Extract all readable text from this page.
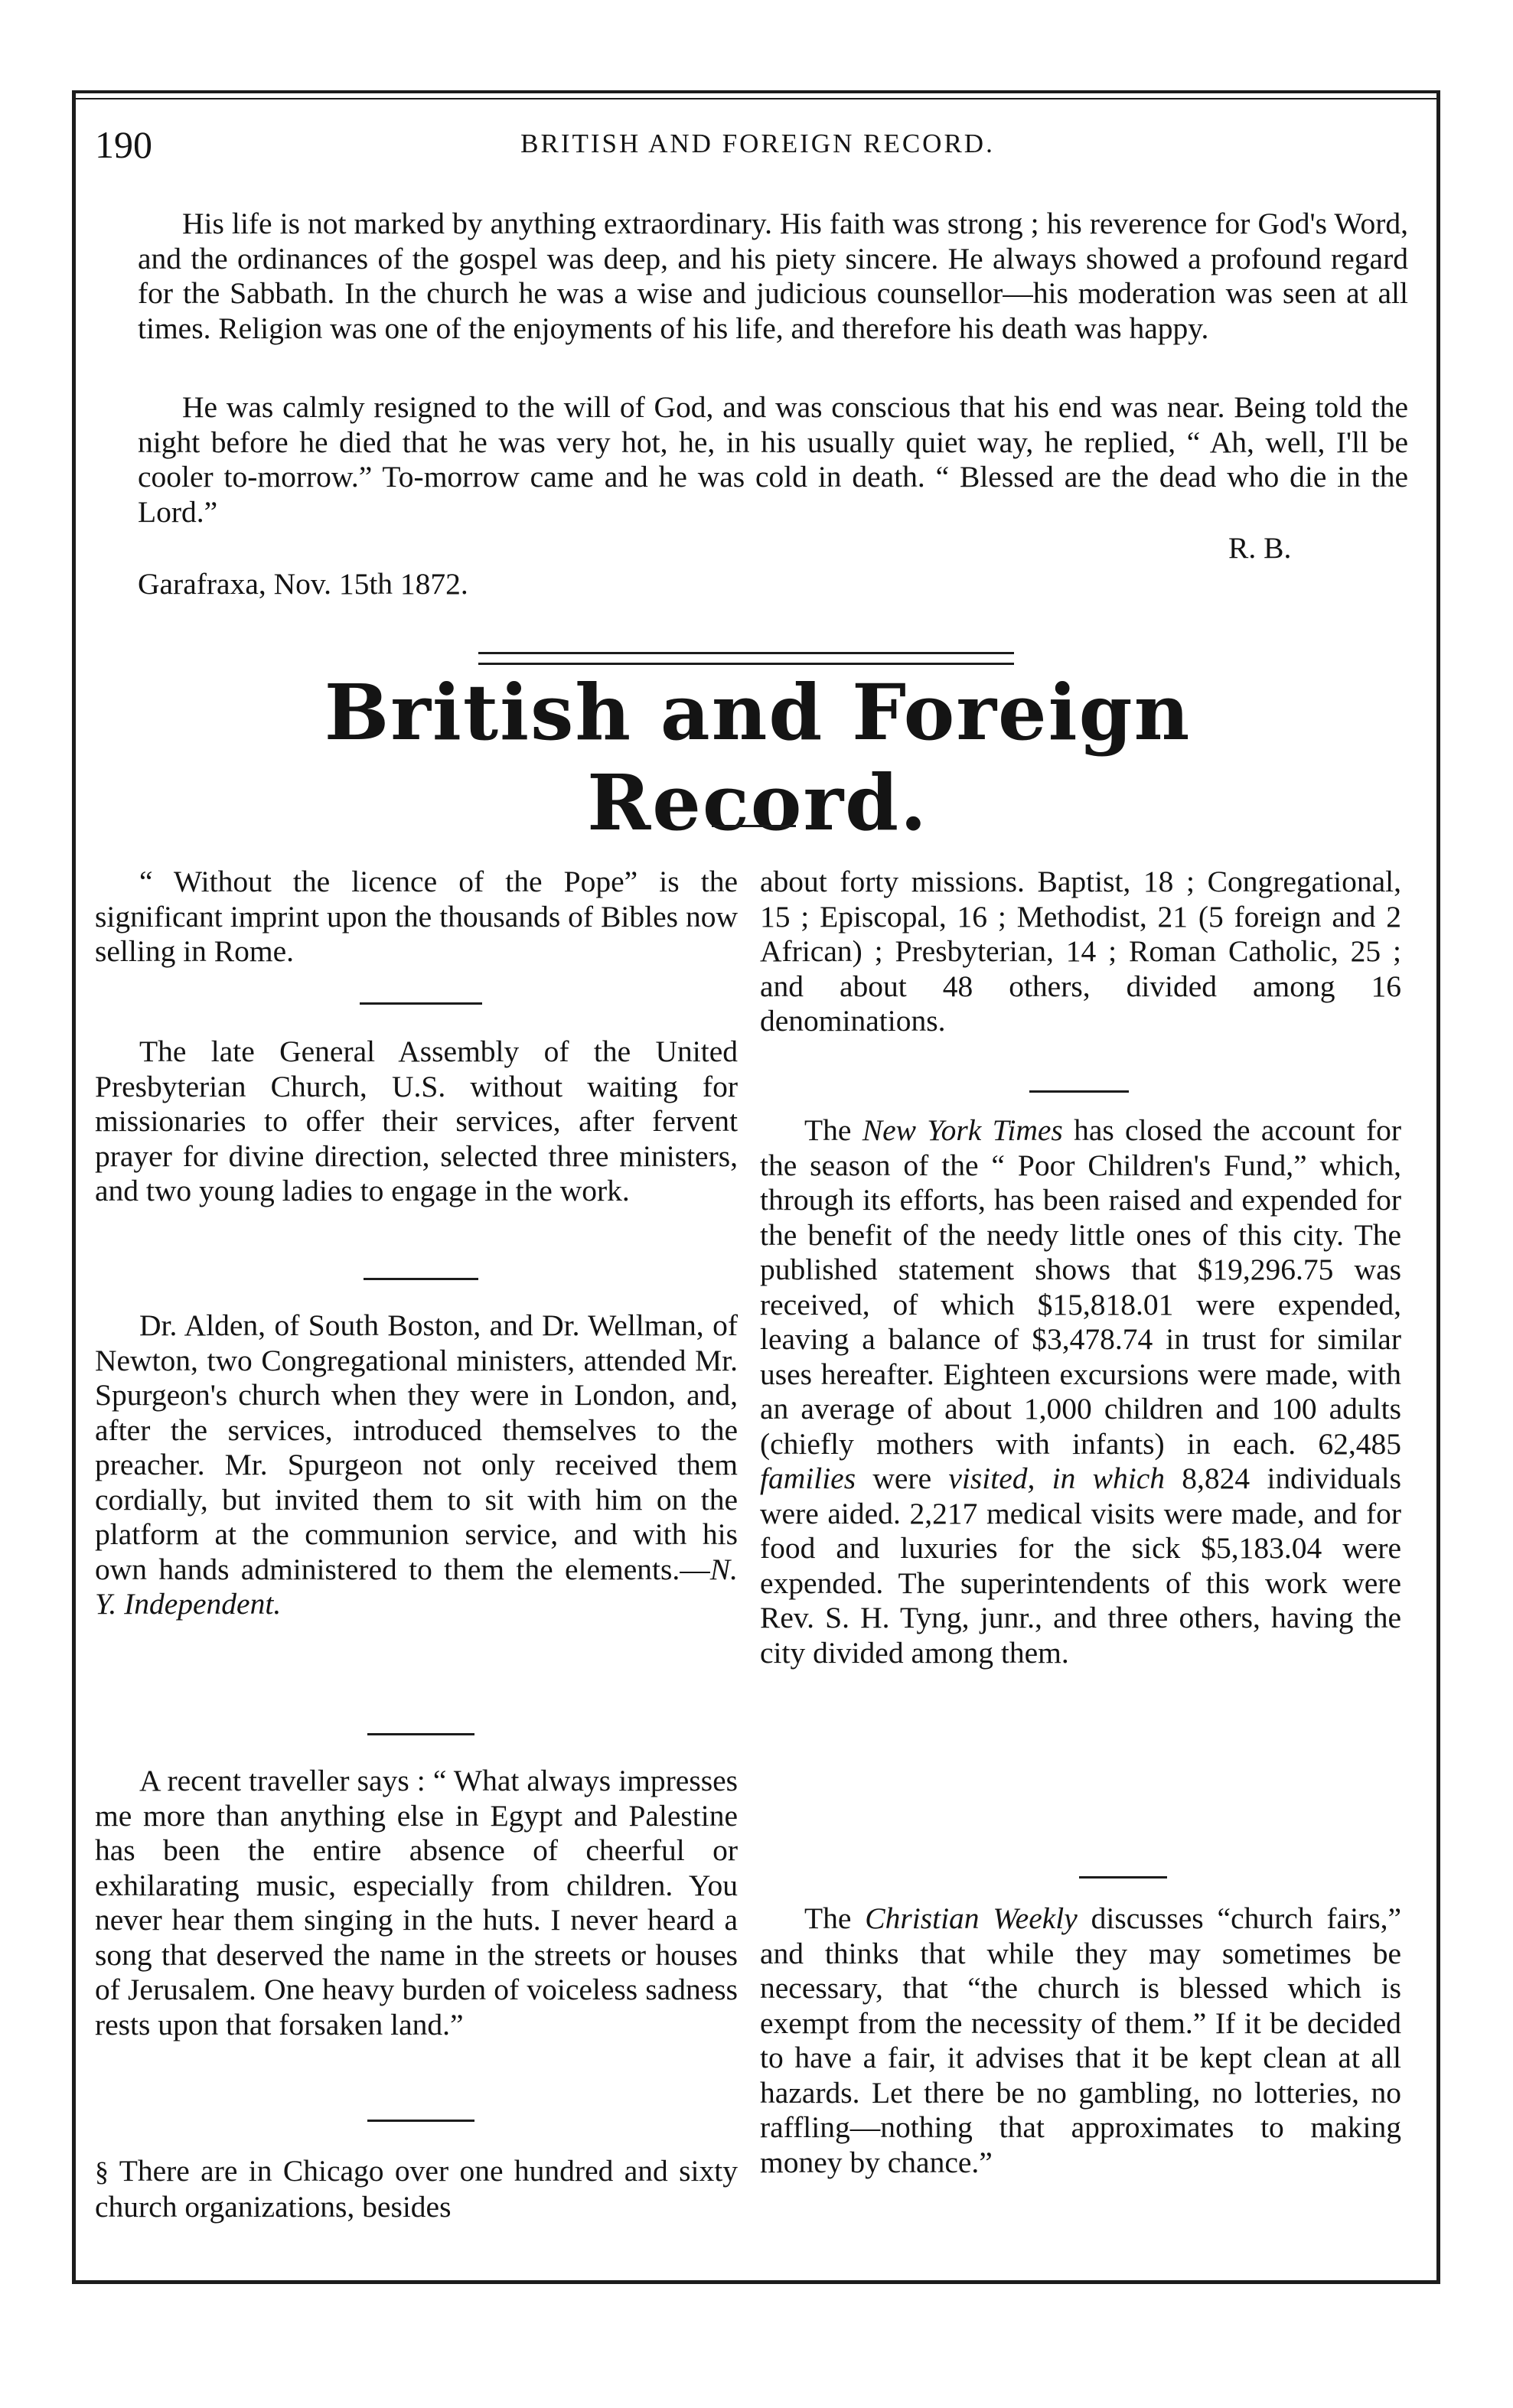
190	BRITISH AND FOREIGN RECORD.

His life is not marked by anything extraordinary. His faith was strong ; his reverence for God's Word, and the ordinances of the gospel was deep, and his piety sincere. He always showed a profound regard for the Sabbath. In the church he was a wise and judicious counsellor—his moderation was seen at all times. Religion was one of the enjoyments of his life, and therefore his death was happy.

He was calmly resigned to the will of God, and was conscious that his end was near. Being told the night before he died that he was very hot, he, in his usually quiet way, he replied, “ Ah, well, I'll be cooler to-morrow.” To-morrow came and he was cold in death. “ Blessed are the dead who die in the Lord.”

R. B.
Garafraxa, Nov. 15th 1872.
British and Foreign Record.

“ Without the licence of the Pope” is the significant imprint upon the thousands of Bibles now selling in Rome.

The late General Assembly of the United Presbyterian Church, U.S. without waiting for missionaries to offer their services, after fervent prayer for divine direction, selected three ministers, and two young ladies to engage in the work.

Dr. Alden, of South Boston, and Dr. Wellman, of Newton, two Congregational ministers, attended Mr. Spurgeon's church when they were in London, and, after the services, introduced themselves to the preacher. Mr. Spurgeon not only received them cordially, but invited them to sit with him on the platform at the communion service, and with his own hands administered to them the elements.—N. Y. Independent.

A recent traveller says : “ What always impresses me more than anything else in Egypt and Palestine has been the entire absence of cheerful or exhilarating music, especially from children. You never hear them singing in the huts. I never heard a song that deserved the name in the streets or houses of Jerusalem. One heavy burden of voiceless sadness rests upon that forsaken land.”

§ There are in Chicago over one hundred and sixty church organizations, besides

about forty missions. Baptist, 18 ; Congregational, 15 ; Episcopal, 16 ; Methodist, 21 (5 foreign and 2 African) ; Presbyterian, 14 ; Roman Catholic, 25 ; and about 48 others, divided among 16 denominations.

The New York Times has closed the account for the season of the “ Poor Children's Fund,” which, through its efforts, has been raised and expended for the benefit of the needy little ones of this city. The published statement shows that $19,296.75 was received, of which $15,818.01 were expended, leaving a balance of $3,478.74 in trust for similar uses hereafter. Eighteen excursions were made, with an average of about 1,000 children and 100 adults (chiefly mothers with infants) in each. 62,485 families were visited, in which 8,824 individuals were aided. 2,217 medical visits were made, and for food and luxuries for the sick $5,183.04 were expended. The superintendents of this work were Rev. S. H. Tyng, junr., and three others, having the city divided among them.

The Christian Weekly discusses “church fairs,” and thinks that while they may sometimes be necessary, that “the church is blessed which is exempt from the necessity of them.” If it be decided to have a fair, it advises that it be kept clean at all hazards. Let there be no gambling, no lotteries, no raffling—nothing that approximates to making money by chance.”
